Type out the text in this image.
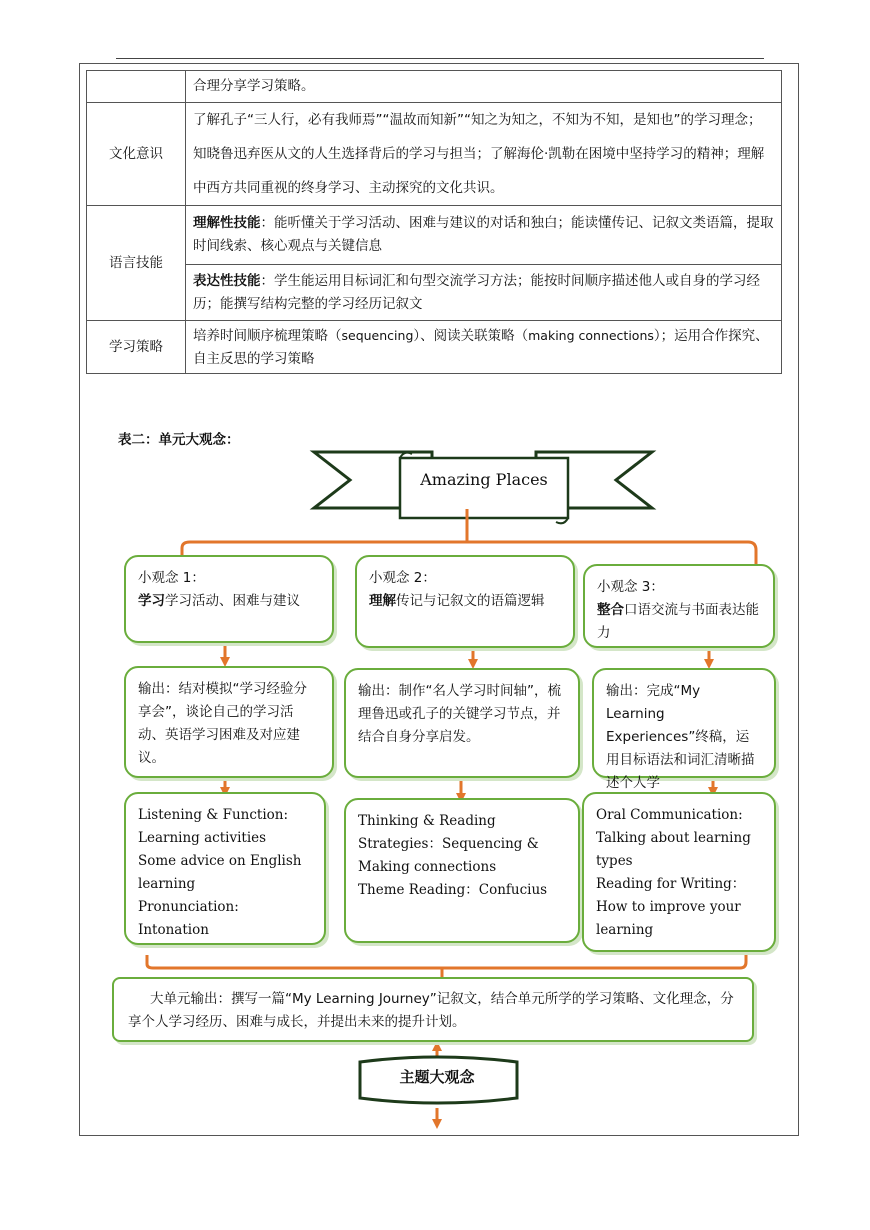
	合理分享学习策略。
文化意识	了解孔子“三人行，必有我师焉”“温故而知新”“知之为知之，不知为不知，是知也”的学习理念；知晓鲁迅弃医从文的人生选择背后的学习与担当；了解海伦·凯勒在困境中坚持学习的精神；理解中西方共同重视的终身学习、主动探究的文化共识。
语言技能	理解性技能：能听懂关于学习活动、困难与建议的对话和独白；能读懂传记、记叙文类语篇，提取时间线索、核心观点与关键信息
	表达性技能：学生能运用目标词汇和句型交流学习方法；能按时间顺序描述他人或自身的学习经历；能撰写结构完整的学习经历记叙文
学习策略	培养时间顺序梳理策略（sequencing）、阅读关联策略（making connections）；运用合作探究、自主反思的学习策略
表二：单元大观念：
Amazing Places
小观念 1：
学习学习活动、困难与建议
小观念 2：
理解传记与记叙文的语篇逻辑
小观念 3：
整合口语交流与书面表达能力
输出：结对模拟“学习经验分享会”，谈论自己的学习活动、英语学习困难及对应建议。
输出：制作“名人学习时间轴”，梳理鲁迅或孔子的关键学习节点，并结合自身分享启发。
输出：完成“My Learning Experiences”终稿，运用目标语法和词汇清晰描述个人学
Listening & Function:
Learning activities
Some advice on English learning
Pronunciation: Intonation
Thinking & Reading Strategies：Sequencing & Making connections
Theme Reading：Confucius
Oral Communication: Talking about learning types
Reading for Writing：How to improve your learning
大单元输出：撰写一篇“My Learning Journey”记叙文，结合单元所学的学习策略、文化理念，分享个人学习经历、困难与成长，并提出未来的提升计划。
主题大观念
